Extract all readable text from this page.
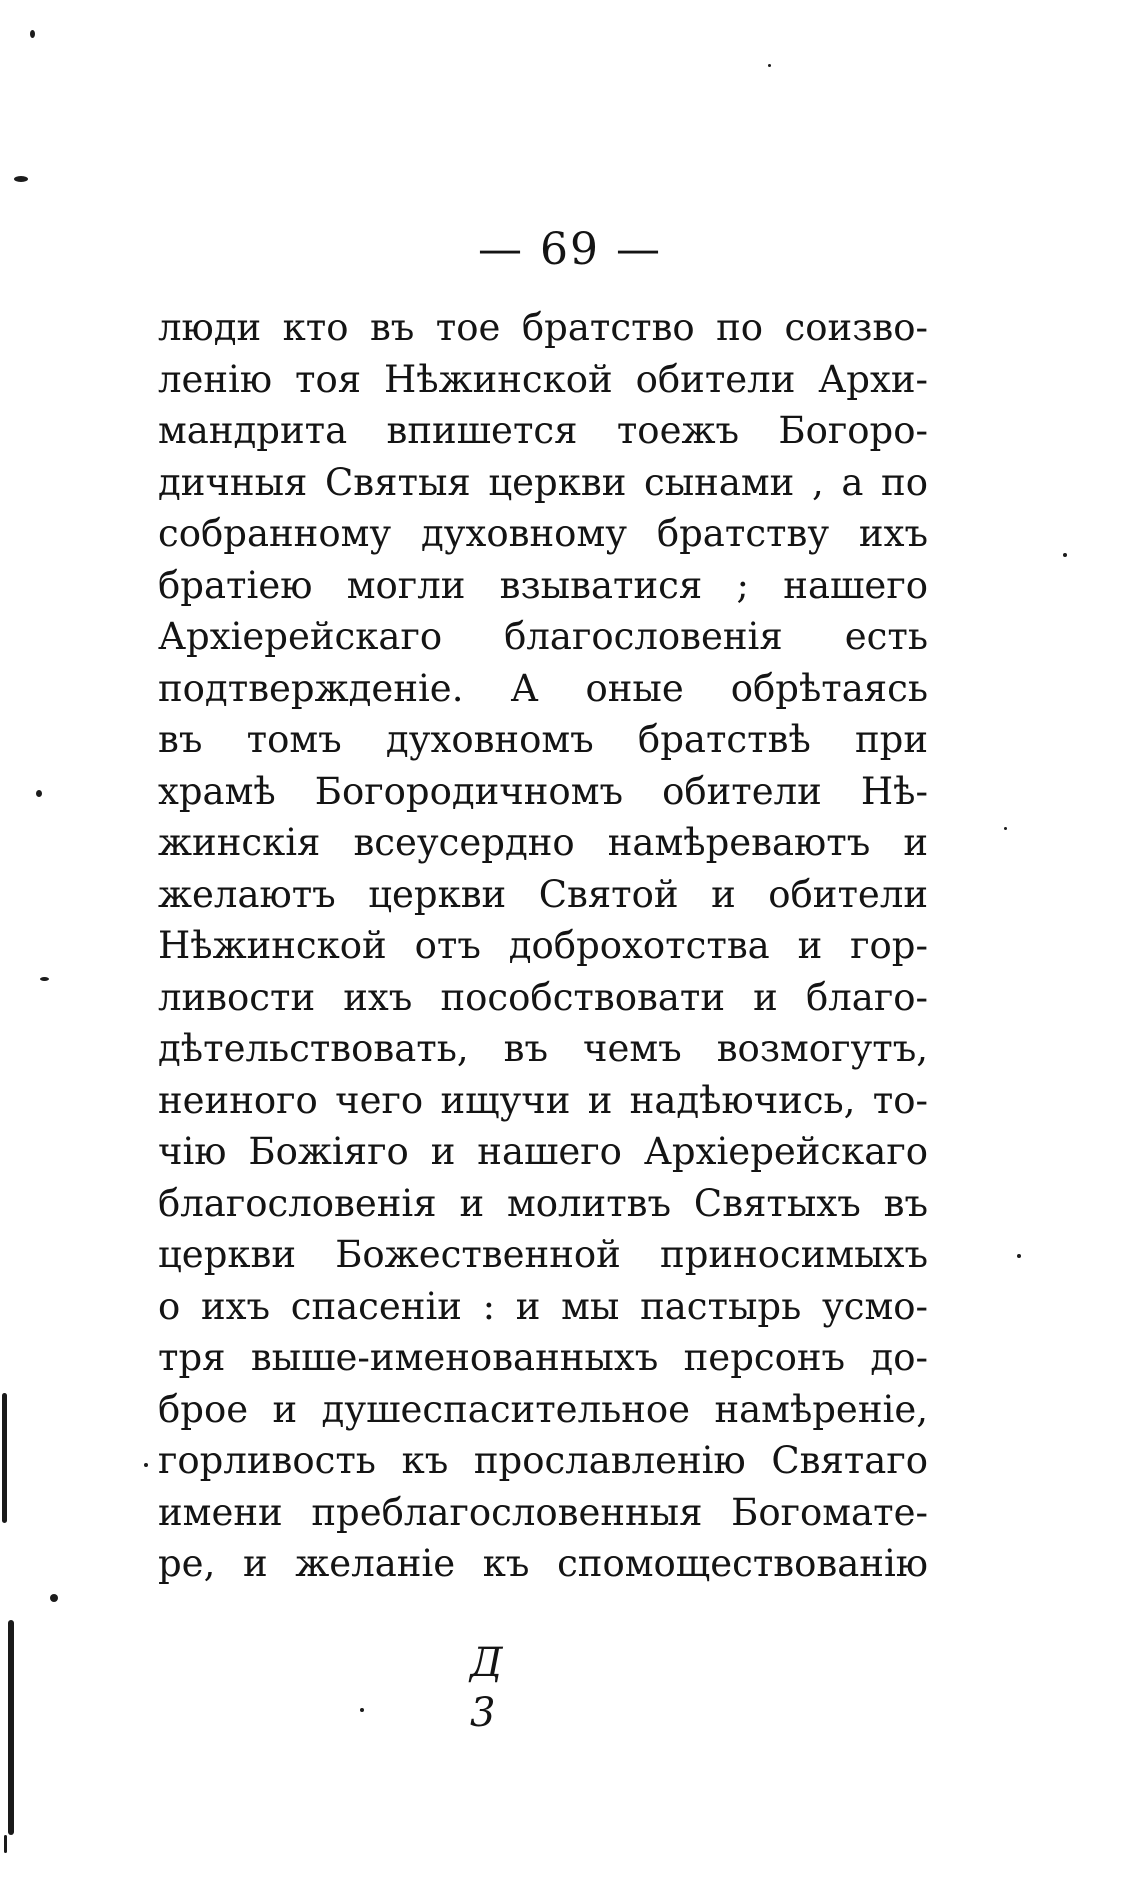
— 69 —
люди кто въ тое братство по соизво-
ленію тоя Нѣжинской обители Архи-
мандрита впишется тоежъ Богоро-
дичныя Святыя церкви сынами , а по
собранному духовному братству ихъ
братіею могли взыватися ; нашего
Архіерейскаго благословенія есть
подтвержденіе. А оные обрѣтаясь
въ томъ духовномъ братствѣ при
храмѣ Богородичномъ обители Нѣ-
жинскія всеусердно намѣреваютъ и
желаютъ церкви Святой и обители
Нѣжинской отъ доброхотства и гор-
ливости ихъ пособствовати и благо-
дѣтельствовать, въ чемъ возмогутъ,
неиного чего ищучи и надѣючись, то-
чію Божіяго и нашего Архіерейскаго
благословенія и молитвъ Святыхъ въ
церкви Божественной приносимыхъ
о ихъ спасеніи : и мы пастырь усмо-
тря выше-именованныхъ персонъ до-
брое и душеспасительное намѣреніе,
горливость къ прославленію Святаго
имени преблагословенныя Богомате-
ре, и желаніе къ спомоществованію
Д 3
